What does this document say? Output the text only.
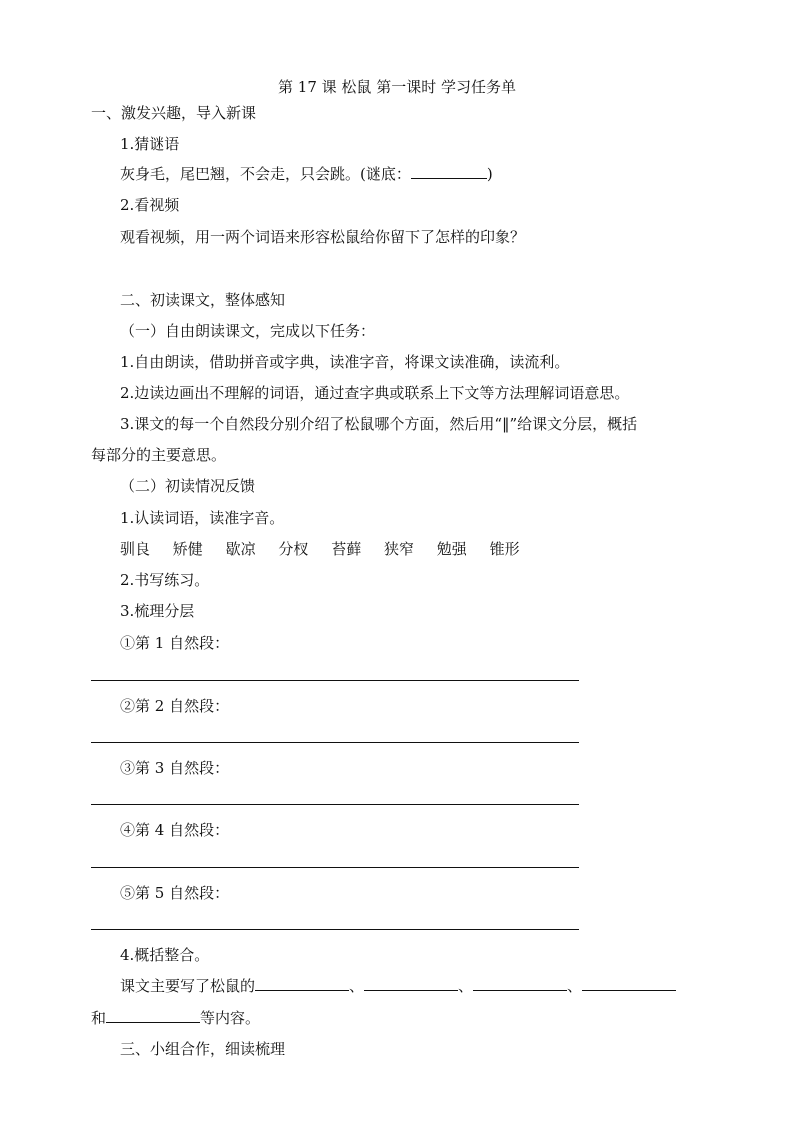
第 17 课 松鼠 第一课时 学习任务单
一、激发兴趣，导入新课
1.猜谜语
灰身毛，尾巴翘，不会走，只会跳。(谜底：	)
2.看视频
观看视频，用一两个词语来形容松鼠给你留下了怎样的印象？
二、初读课文，整体感知
（一）自由朗读课文，完成以下任务：
1.自由朗读，借助拼音或字典，读准字音，将课文读准确，读流利。
2.边读边画出不理解的词语，通过查字典或联系上下文等方法理解词语意思。
3.课文的每一个自然段分别介绍了松鼠哪个方面，然后用“‖”给课文分层，概括
每部分的主要意思。
（二）初读情况反馈
1.认读词语，读准字音。
驯良 矫健 歇凉 分杈 苔藓 狭窄 勉强 锥形
2.书写练习。
3.梳理分层
①第 1 自然段：
②第 2 自然段：
③第 3 自然段：
④第 4 自然段：
⑤第 5 自然段：
4.概括整合。
课文主要写了松鼠的	、	、	、
和	等内容。
三、小组合作，细读梳理
